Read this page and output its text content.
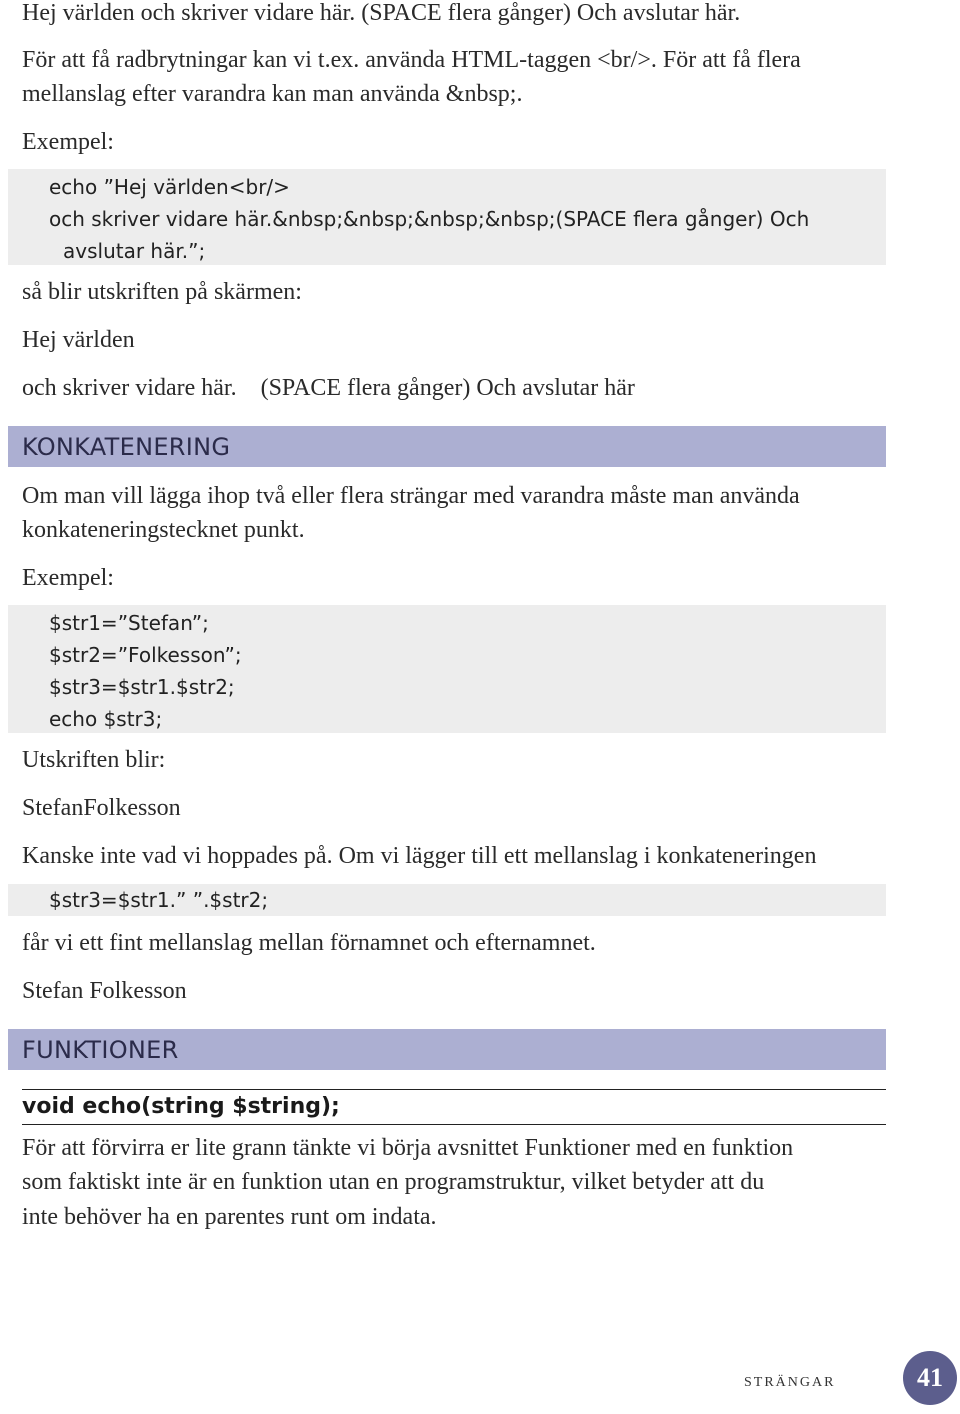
Hej världen och skriver vidare här. (SPACE flera gånger) Och avslutar här.

För att få radbrytningar kan vi t.ex. använda HTML-taggen <br/>. För att få flera

mellanslag efter varandra kan man använda &nbsp;.

Exempel:

echo ”Hej världen<br/>
och skriver vidare här.&nbsp;&nbsp;&nbsp;&nbsp;(SPACE flera gånger) Och
avslutar här.”;

så blir utskriften på skärmen:

Hej världen

och skriver vidare här. (SPACE flera gånger) Och avslutar här

KONKATENERING

Om man vill lägga ihop två eller flera strängar med varandra måste man använda

konkateneringstecknet punkt.

Exempel:

$str1=”Stefan”;
$str2=”Folkesson”;
$str3=$str1.$str2;
echo $str3;

Utskriften blir:

StefanFolkesson

Kanske inte vad vi hoppades på. Om vi lägger till ett mellanslag i konkateneringen

$str3=$str1.” ”.$str2;

får vi ett fint mellanslag mellan förnamnet och efternamnet.

Stefan Folkesson

FUNKTIONER
void echo(string $string);

För att förvirra er lite grann tänkte vi börja avsnittet Funktioner med en funktion

som faktiskt inte är en funktion utan en programstruktur, vilket betyder att du

inte behöver ha en parentes runt om indata.

strängar	41
